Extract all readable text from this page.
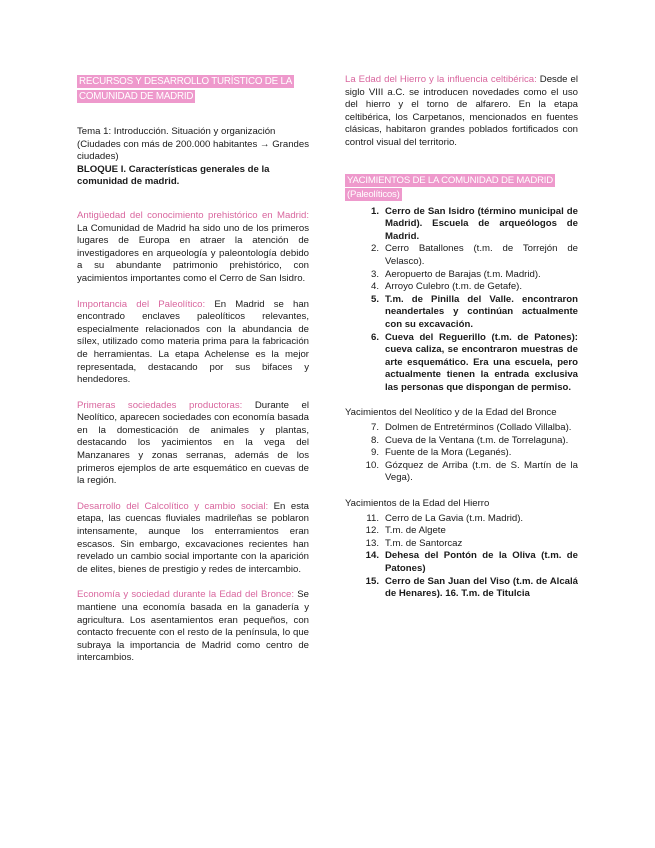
RECURSOS Y DESARROLLO TURÍSTICO DE LA COMUNIDAD DE MADRID

Tema 1: Introducción. Situación y organización (Ciudades con más de 200.000 habitantes → Grandes ciudades)

BLOQUE I. Características generales de la comunidad de madrid.

Antigüedad del conocimiento prehistórico en Madrid: La Comunidad de Madrid ha sido uno de los primeros lugares de Europa en atraer la atención de investigadores en arqueología y paleontología debido a su abundante patrimonio prehistórico, con yacimientos importantes como el Cerro de San Isidro.

Importancia del Paleolítico: En Madrid se han encontrado enclaves paleolíticos relevantes, especialmente relacionados con la abundancia de sílex, utilizado como materia prima para la fabricación de herramientas. La etapa Achelense es la mejor representada, destacando por sus bifaces y hendedores.

Primeras sociedades productoras: Durante el Neolítico, aparecen sociedades con economía basada en la domesticación de animales y plantas, destacando los yacimientos en la vega del Manzanares y zonas serranas, además de los primeros ejemplos de arte esquemático en cuevas de la región.

Desarrollo del Calcolítico y cambio social: En esta etapa, las cuencas fluviales madrileñas se poblaron intensamente, aunque los enterramientos eran escasos. Sin embargo, excavaciones recientes han revelado un cambio social importante con la aparición de elites, bienes de prestigio y redes de intercambio.

Economía y sociedad durante la Edad del Bronce: Se mantiene una economía basada en la ganadería y agricultura. Los asentamientos eran pequeños, con contacto frecuente con el resto de la península, lo que subraya la importancia de Madrid como centro de intercambios.

La Edad del Hierro y la influencia celtibérica: Desde el siglo VIII a.C. se introducen novedades como el uso del hierro y el torno de alfarero. En la etapa celtibérica, los Carpetanos, mencionados en fuentes clásicas, habitaron grandes poblados fortificados con control visual del territorio.

YACIMIENTOS DE LA COMUNIDAD DE MADRID (Paleolíticos)

1. Cerro de San Isidro (término municipal de Madrid). Escuela de arqueólogos de Madrid.
2. Cerro Batallones (t.m. de Torrejón de Velasco).
3. Aeropuerto de Barajas (t.m. Madrid).
4. Arroyo Culebro (t.m. de Getafe).
5. T.m. de Pinilla del Valle. encontraron neandertales y continúan actualmente con su excavación.
6. Cueva del Reguerillo (t.m. de Patones): cueva caliza, se encontraron muestras de arte esquemático. Era una escuela, pero actualmente tienen la entrada exclusiva las personas que dispongan de permiso.

Yacimientos del Neolítico y de la Edad del Bronce

7. Dolmen de Entretérminos (Collado Villalba).
8. Cueva de la Ventana (t.m. de Torrelaguna).
9. Fuente de la Mora (Leganés).
10. Gózquez de Arriba (t.m. de S. Martín de la Vega).

Yacimientos de la Edad del Hierro

11. Cerro de La Gavia (t.m. Madrid).
12. T.m. de Algete
13. T.m. de Santorcaz
14. Dehesa del Pontón de la Oliva (t.m. de Patones)
15. Cerro de San Juan del Viso (t.m. de Alcalá de Henares). 16. T.m. de Titulcia
